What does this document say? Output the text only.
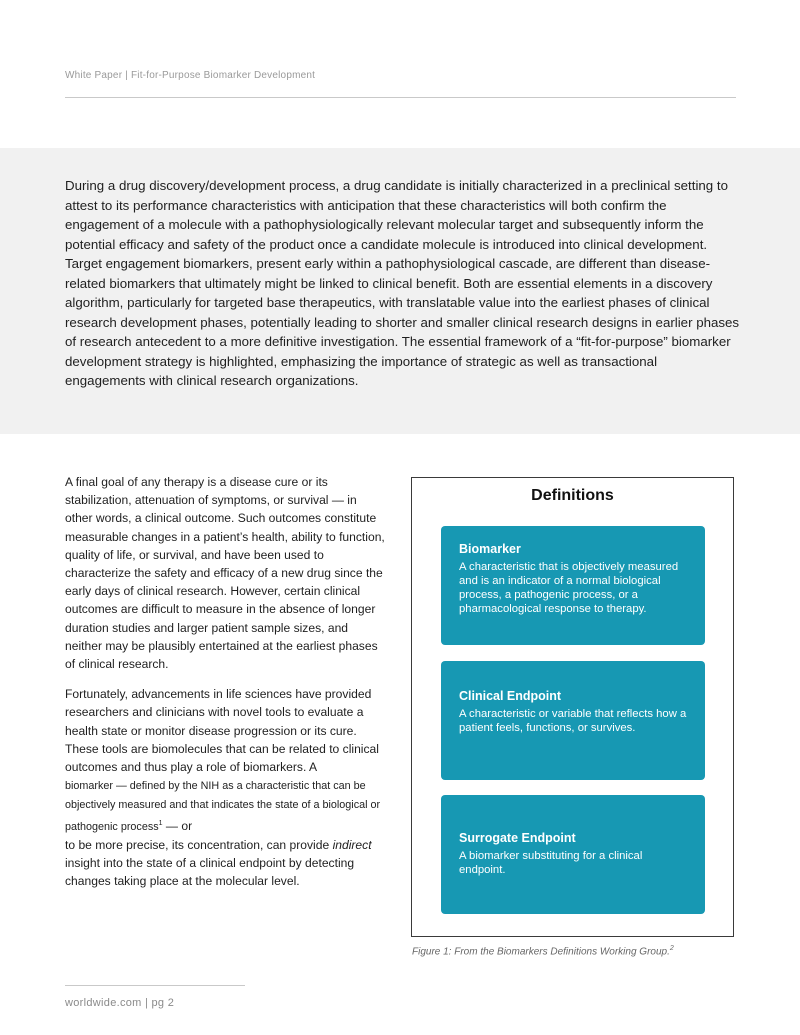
White Paper | Fit-for-Purpose Biomarker Development

During a drug discovery/development process, a drug candidate is initially characterized in a preclinical setting to attest to its performance characteristics with anticipation that these characteristics will both confirm the engagement of a molecule with a pathophysiologically relevant molecular target and subsequently inform the potential efficacy and safety of the product once a candidate molecule is introduced into clinical development. Target engagement biomarkers, present early within a pathophysiological cascade, are different than disease-related biomarkers that ultimately might be linked to clinical benefit. Both are essential elements in a discovery algorithm, particularly for targeted base therapeutics, with translatable value into the earliest phases of clinical research development phases, potentially leading to shorter and smaller clinical research designs in earlier phases of research antecedent to a more definitive investigation. The essential framework of a “fit-for-purpose” biomarker development strategy is highlighted, emphasizing the importance of strategic as well as transactional engagements with clinical research organizations.

A final goal of any therapy is a disease cure or its stabilization, attenuation of symptoms, or survival — in other words, a clinical outcome. Such outcomes constitute measurable changes in a patient’s health, ability to function, quality of life, or survival, and have been used to characterize the safety and efficacy of a new drug since the early days of clinical research. However, certain clinical outcomes are difficult to measure in the absence of longer duration studies and larger patient sample sizes, and neither may be plausibly entertained at the earliest phases of clinical research.

Fortunately, advancements in life sciences have provided researchers and clinicians with novel tools to evaluate a health state or monitor disease progression or its cure. These tools are biomolecules that can be related to clinical outcomes and thus play a role of biomarkers. A
biomarker — defined by the NIH as a characteristic that can be objectively measured and that indicates the state of a biological or pathogenic process$^1$ — or
to be more precise, its concentration, can provide indirect insight into the state of a clinical endpoint by detecting changes taking place at the molecular level.

Definitions
Biomarker
A characteristic that is objectively measured and is an indicator of a normal biological process, a pathogenic process, or a pharmacological response to therapy.
Clinical Endpoint
A characteristic or variable that reflects how a patient feels, functions, or survives.
Surrogate Endpoint
A biomarker substituting for a clinical endpoint.
Figure 1: From the Biomarkers Definitions Working Group.$^2$
worldwide.com | pg 2
